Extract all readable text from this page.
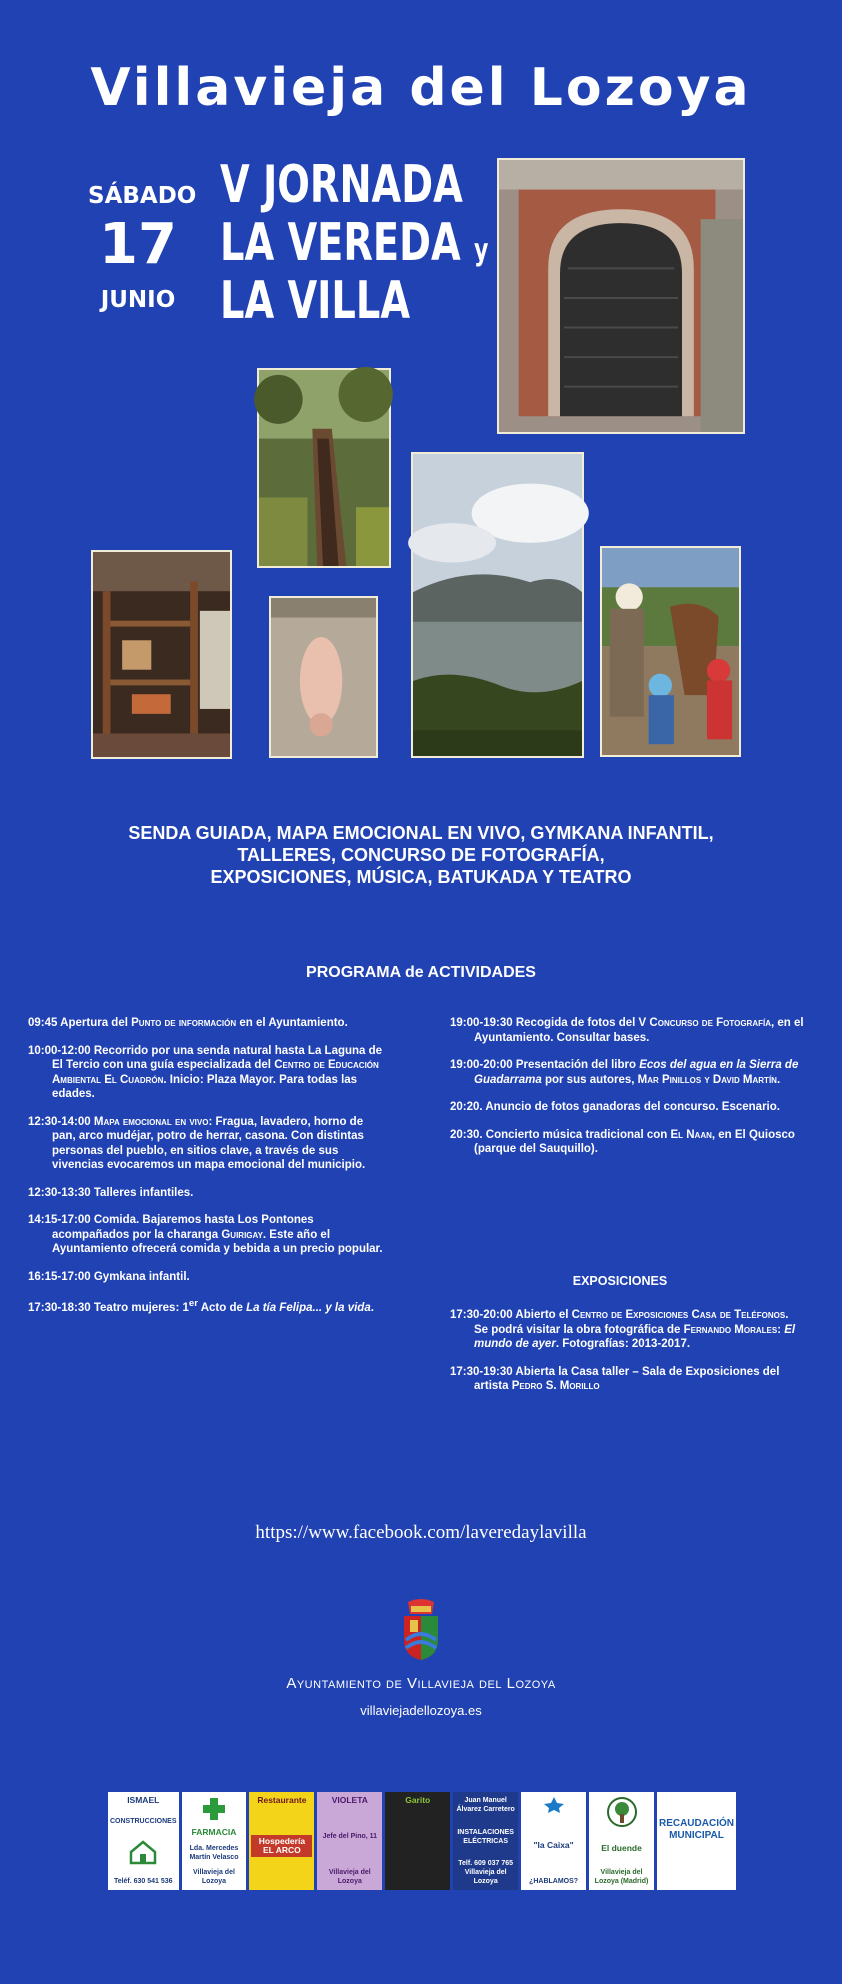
Villavieja del Lozoya
SÁBADO
17
JUNIO
V JORNADA
LA VEREDA y
LA VILLA
SENDA GUIADA, MAPA EMOCIONAL EN VIVO, GYMKANA INFANTIL,
TALLERES, CONCURSO DE FOTOGRAFÍA,
EXPOSICIONES, MÚSICA, BATUKADA Y TEATRO
PROGRAMA de ACTIVIDADES

09:45 Apertura del Punto de información en el Ayuntamiento.

10:00-12:00 Recorrido por una senda natural hasta La Laguna de El Tercio con una guía especializada del Centro de Educación Ambiental El Cuadrón. Inicio: Plaza Mayor. Para todas las edades.

12:30-14:00 Mapa emocional en vivo: Fragua, lavadero, horno de pan, arco mudéjar, potro de herrar, casona. Con distintas personas del pueblo, en sitios clave, a través de sus vivencias evocaremos un mapa emocional del municipio.

12:30-13:30 Talleres infantiles.

14:15-17:00 Comida. Bajaremos hasta Los Pontones acompañados por la charanga Guirigay. Este año el Ayuntamiento ofrecerá comida y bebida a un precio popular.

16:15-17:00 Gymkana infantil.

17:30-18:30 Teatro mujeres: 1er Acto de La tía Felipa... y la vida.

19:00-19:30 Recogida de fotos del V Concurso de Fotografía, en el Ayuntamiento. Consultar bases.

19:00-20:00 Presentación del libro Ecos del agua en la Sierra de Guadarrama por sus autores, Mar Pinillos y David Martín.

20:20. Anuncio de fotos ganadoras del concurso. Escenario.

20:30. Concierto música tradicional con El Naan, en El Quiosco (parque del Sauquillo).

EXPOSICIONES

17:30-20:00 Abierto el Centro de Exposiciones Casa de Teléfonos. Se podrá visitar la obra fotográfica de Fernando Morales: El mundo de ayer. Fotografías: 2013-2017.

17:30-19:30 Abierta la Casa taller – Sala de Exposiciones del artista Pedro S. Morillo

https://www.facebook.com/laveredaylavilla
Ayuntamiento de Villavieja del Lozoya
villaviejadellozoya.es
ISMAEL
CONSTRUCCIONES
Teléf. 630 541 536
FARMACIA
Lda. Mercedes Martín Velasco
Villavieja del Lozoya
Restaurante
Hospedería EL ARCO
VIOLETA
Jefe del Pino, 11
Villavieja del Lozoya
Garito	Juan Manuel Álvarez Carretero
INSTALACIONES ELÉCTRICAS
Telf. 609 037 765 Villavieja del Lozoya
"la Caixa"
¿HABLAMOS?
El duende
Villavieja del Lozoya (Madrid)
RECAUDACIÓN MUNICIPAL
